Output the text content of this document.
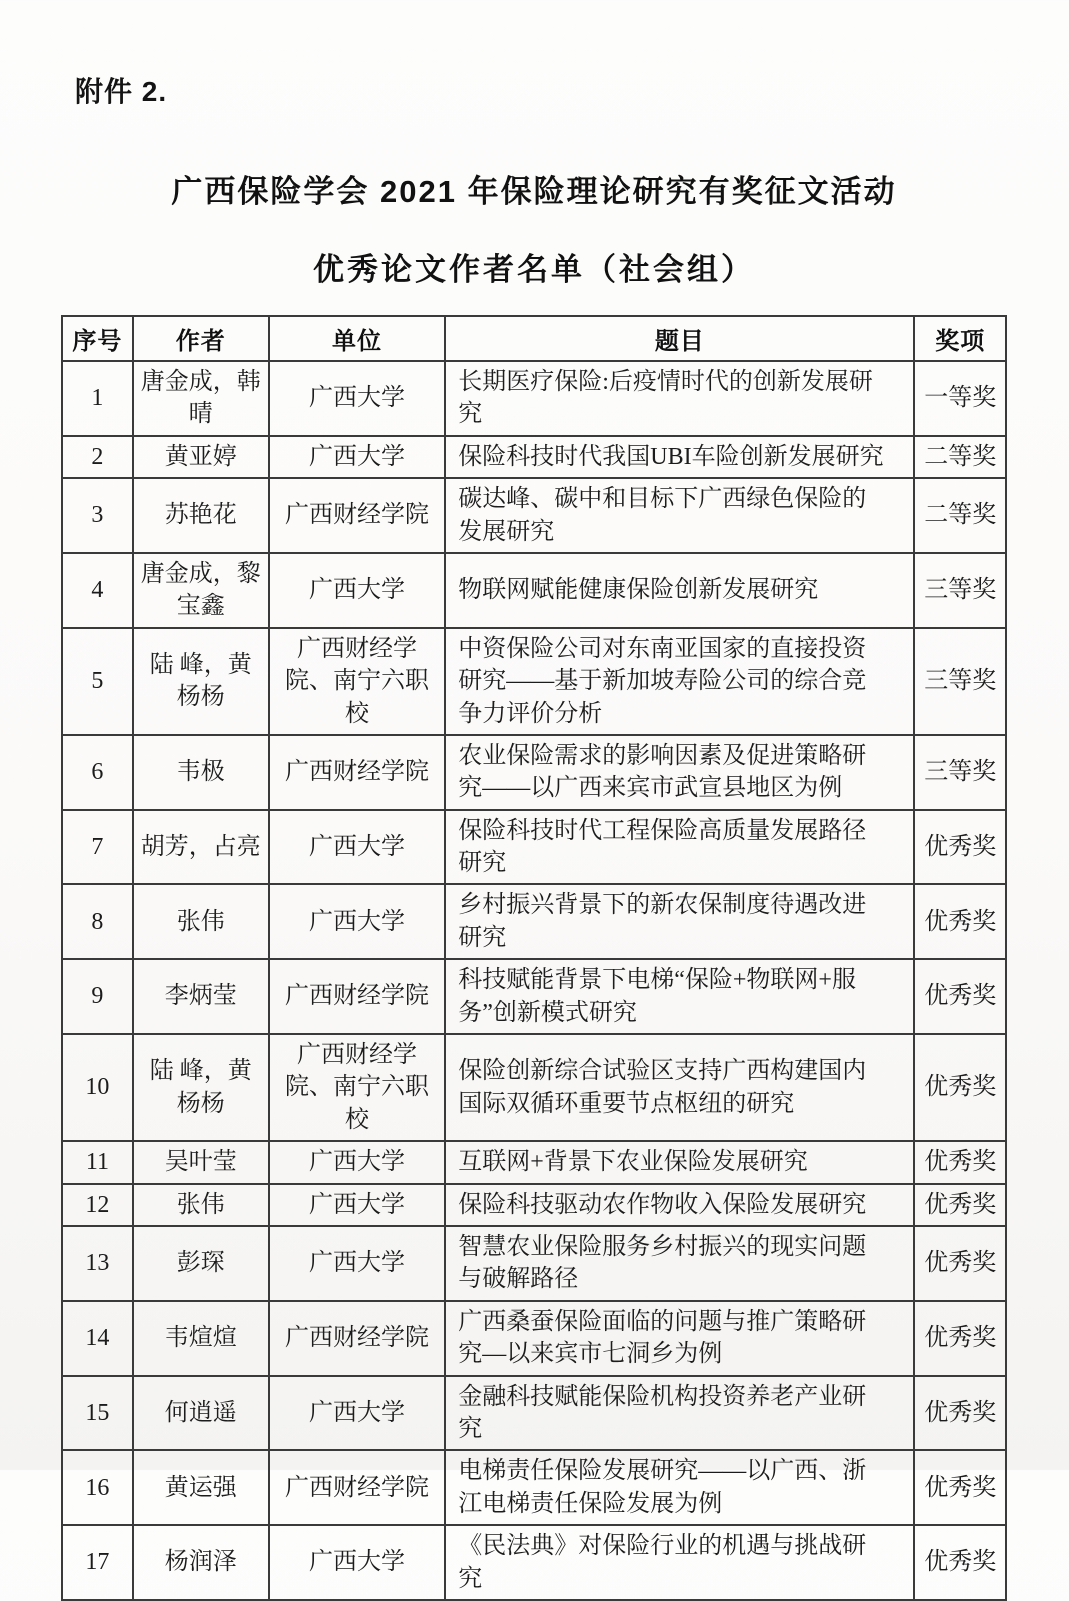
附件 2.

广西保险学会 2021 年保险理论研究有奖征文活动
优秀论文作者名单（社会组）
序号	作者	单位	题目	奖项
1	唐金成，韩晴	广西大学	长期医疗保险:后疫情时代的创新发展研究	一等奖
2	黄亚婷	广西大学	保险科技时代我国UBI车险创新发展研究	二等奖
3	苏艳花	广西财经学院	碳达峰、碳中和目标下广西绿色保险的发展研究	二等奖
4	唐金成，黎宝鑫	广西大学	物联网赋能健康保险创新发展研究	三等奖
5	陆 峰，黄杨杨	广西财经学院、南宁六职校	中资保险公司对东南亚国家的直接投资研究——基于新加坡寿险公司的综合竞争力评价分析	三等奖
6	韦极	广西财经学院	农业保险需求的影响因素及促进策略研究——以广西来宾市武宣县地区为例	三等奖
7	胡芳，占亮	广西大学	保险科技时代工程保险高质量发展路径研究	优秀奖
8	张伟	广西大学	乡村振兴背景下的新农保制度待遇改进研究	优秀奖
9	李炳莹	广西财经学院	科技赋能背景下电梯“保险+物联网+服务”创新模式研究	优秀奖
10	陆 峰，黄杨杨	广西财经学院、南宁六职校	保险创新综合试验区支持广西构建国内国际双循环重要节点枢纽的研究	优秀奖
11	吴叶莹	广西大学	互联网+背景下农业保险发展研究	优秀奖
12	张伟	广西大学	保险科技驱动农作物收入保险发展研究	优秀奖
13	彭琛	广西大学	智慧农业保险服务乡村振兴的现实问题与破解路径	优秀奖
14	韦煊煊	广西财经学院	广西桑蚕保险面临的问题与推广策略研究—以来宾市七洞乡为例	优秀奖
15	何逍遥	广西大学	金融科技赋能保险机构投资养老产业研究	优秀奖
16	黄运强	广西财经学院	电梯责任保险发展研究——以广西、浙江电梯责任保险发展为例	优秀奖
17	杨润泽	广西大学	《民法典》对保险行业的机遇与挑战研究	优秀奖
